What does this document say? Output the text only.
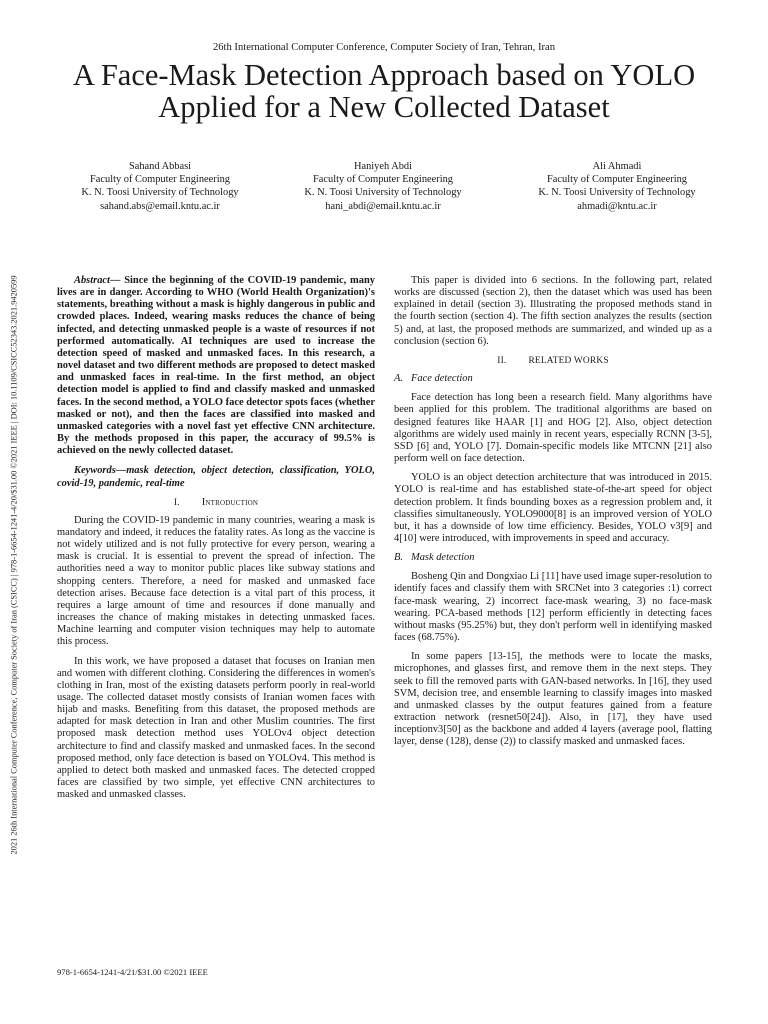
2021 26th International Computer Conference, Computer Society of Iran (CSICC) | 978-1-6654-1241-4/20/$31.00 ©2021 IEEE | DOI: 10.1109/CSICC52343.2021.9420599
26th International Computer Conference, Computer Society of Iran, Tehran, Iran
A Face-Mask Detection Approach based on YOLO Applied for a New Collected Dataset
Sahand Abbasi
Faculty of Computer Engineering
K. N. Toosi University of Technology
sahand.abs@email.kntu.ac.ir
Haniyeh Abdi
Faculty of Computer Engineering
K. N. Toosi University of Technology
hani_abdi@email.kntu.ac.ir
Ali Ahmadi
Faculty of Computer Engineering
K. N. Toosi University of Technology
ahmadi@kntu.ac.ir

Abstract— Since the beginning of the COVID-19 pandemic, many lives are in danger. According to WHO (World Health Organization)'s statements, breathing without a mask is highly dangerous in public and crowded places. Indeed, wearing masks reduces the chance of being infected, and detecting unmasked people is a waste of resources if not performed automatically. AI techniques are used to increase the detection speed of masked and unmasked faces. In this research, a novel dataset and two different methods are proposed to detect masked and unmasked faces in real-time. In the first method, an object detection model is applied to find and classify masked and unmasked faces. In the second method, a YOLO face detector spots faces (whether masked or not), and then the faces are classified into masked and unmasked categories with a novel fast yet effective CNN architecture. By the methods proposed in this paper, the accuracy of 99.5% is achieved on the newly collected dataset.

Keywords—mask detection, object detection, classification, YOLO, covid-19, pandemic, real-time

I. Introduction

During the COVID-19 pandemic in many countries, wearing a mask is mandatory and indeed, it reduces the fatality rates. As long as the vaccine is not widely utilized and is not fully protective for every person, wearing a mask is crucial. It is essential to prevent the spread of infection. The authorities need a way to monitor public places like subway stations and shopping centers. Therefore, a need for masked and unmasked face detection arises. Because face detection is a vital part of this process, it requires a large amount of time and resources if done manually and increases the chance of making mistakes in detecting unmasked faces. Machine learning and computer vision techniques may help to automate this process.

In this work, we have proposed a dataset that focuses on Iranian men and women with different clothing. Considering the differences in women's clothing in Iran, most of the existing datasets perform poorly in real-world usage. The collected dataset mostly consists of Iranian women faces with hijab and masks. Benefiting from this dataset, the proposed methods are adapted for mask detection in Iran and other Muslim countries. The first proposed mask detection method uses YOLOv4 object detection architecture to find and classify masked and unmasked faces. In the second proposed method, only face detection is based on YOLOv4. This method is applied to detect both masked and unmasked faces. The detected cropped faces are classified by two simple, yet effective CNN architectures to masked and unmasked classes.

This paper is divided into 6 sections. In the following part, related works are discussed (section 2), then the dataset which was used has been explained in detail (section 3). Illustrating the proposed methods stand in the fourth section (section 4). The fifth section analyzes the results (section 5) and, at last, the proposed methods are summarized, and winded up as a conclusion (section 6).

II. RELATED WORKS

A. Face detection

Face detection has long been a research field. Many algorithms have been applied for this problem. The traditional algorithms are based on designed features like HAAR [1] and HOG [2]. Also, object detection algorithms are widely used mainly in recent years, especially RCNN [3-5], SSD [6] and, YOLO [7]. Domain-specific models like MTCNN [21] also perform well on face detection.

YOLO is an object detection architecture that was introduced in 2015. YOLO is real-time and has established state-of-the-art speed for object detection problem. It finds bounding boxes as a regression problem and, it classifies simultaneously. YOLO9000[8] is an improved version of YOLO but, it has a downside of low time efficiency. Besides, YOLO v3[9] and 4[10] were introduced, with improvements in speed and accuracy.

B. Mask detection

Bosheng Qin and Dongxiao Li [11] have used image super-resolution to identify faces and classify them with SRCNet into 3 categories :1) correct face-mask wearing, 2) incorrect face-mask wearing, 3) no face-mask wearing. PCA-based methods [12] perform efficiently in detecting faces without masks (95.25%) but, they don't perform well in identifying masked faces (68.75%).

In some papers [13-15], the methods were to locate the masks, microphones, and glasses first, and remove them in the next steps. They seek to fill the removed parts with GAN-based networks. In [16], they used SVM, decision tree, and ensemble learning to classify images into masked and unmasked classes by the output features gained from a feature extraction network (resnet50[24]). Also, in [17], they have used inceptionv3[50] as the backbone and added 4 layers (average pool, flatting layer, dense (128), dense (2)) to classify masked and unmasked faces.

978-1-6654-1241-4/21/$31.00 ©2021 IEEE
